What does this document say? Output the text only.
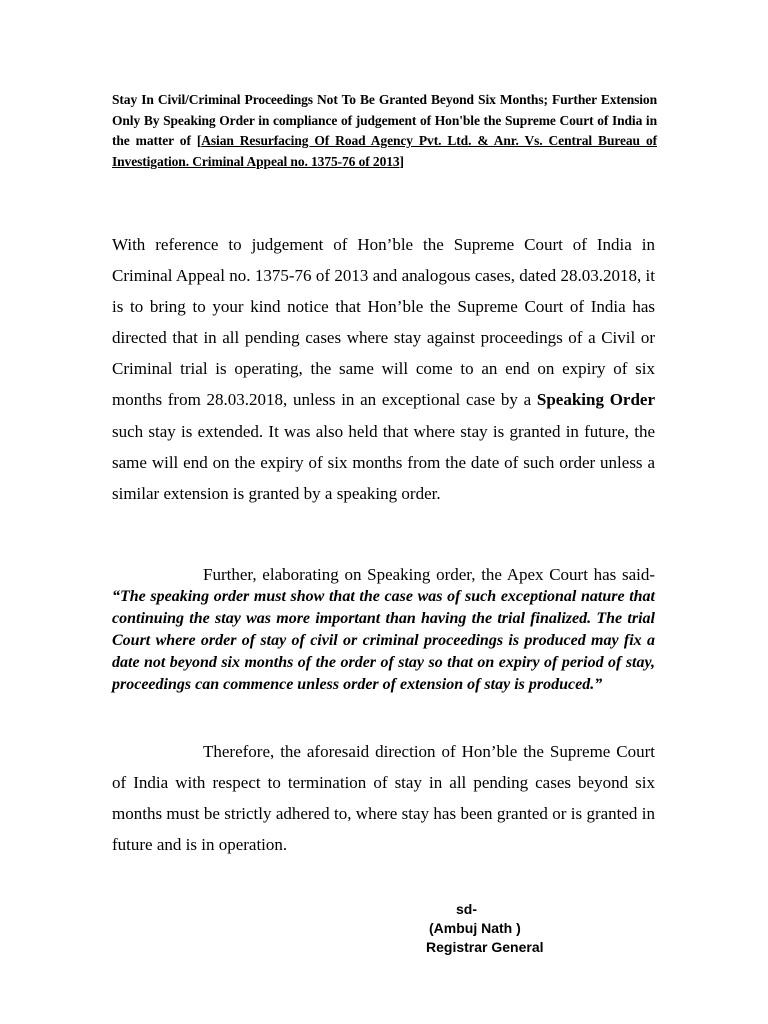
Stay In Civil/Criminal Proceedings Not To Be Granted Beyond Six Months; Further Extension Only By Speaking Order in compliance of judgement of Hon'ble the Supreme Court of India in the matter of [Asian Resurfacing Of Road Agency Pvt. Ltd. & Anr. Vs. Central Bureau of Investigation. Criminal Appeal no. 1375-76 of 2013]
With reference to judgement of Hon’ble the Supreme Court of India in Criminal Appeal no. 1375-76 of 2013 and analogous cases, dated 28.03.2018, it is to bring to your kind notice that Hon’ble the Supreme Court of India has directed that in all pending cases where stay against proceedings of a Civil or Criminal trial is operating, the same will come to an end on expiry of six months from 28.03.2018, unless in an exceptional case by a Speaking Order such stay is extended. It was also held that where stay is granted in future, the same will end on the expiry of six months from the date of such order unless a similar extension is granted by a speaking order.
Further, elaborating on Speaking order, the Apex Court has said- “The speaking order must show that the case was of such exceptional nature that continuing the stay was more important than having the trial finalized. The trial Court where order of stay of civil or criminal proceedings is produced may fix a date not beyond six months of the order of stay so that on expiry of period of stay, proceedings can commence unless order of extension of stay is produced.”
Therefore, the aforesaid direction of Hon’ble the Supreme Court of India with respect to termination of stay in all pending cases beyond six months must be strictly adhered to, where stay has been granted or is granted in future and is in operation.
sd-
(Ambuj Nath )
Registrar General
